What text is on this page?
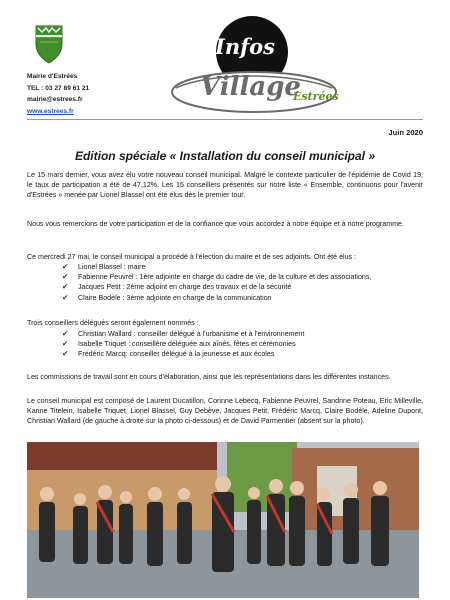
Mairie d'Estrées
TEL : 03 27 89 61 21
mairie@estrees.fr
www.estrees.fr
Infos
Village
Estrées
Juin 2020
Edition spéciale « Installation du conseil municipal »

Le 15 mars dernier, vous avez élu votre nouveau conseil municipal. Malgré le contexte particulier de l'épidémie de Covid 19, le taux de participation a été de 47,12%. Les 15 conseillers présentés sur notre liste « Ensemble, continuons pour l'avenir d'Estrées » menée par Lionel Blassel ont été élus dès le premier tour.

Nous vous remercions de votre participation et de la confiance que vous accordez à notre équipe et à notre programme.

Ce mercredi 27 mai, le conseil municipal a procédé à l'élection du maire et de ses adjoints. Ont été élus :

✔ Lionel Blassel : maire
✔ Fabienne Peuvrel : 1ère adjointe en charge du cadre de vie, de la culture et des associations,
✔ Jacques Petit : 2ème adjoint en charge des travaux et de la sécurité
✔ Claire Bodèle : 3ème adjointe en charge de la communication

Trois conseillers délégués seront également nommés :

✔ Christian Wallard : conseiller délégué à l'urbanisme et à l'environnement
✔ Isabelle Triquet : conseillère déléguée aux aînés, fêtes et cérémonies
✔ Frédéric Marcq: conseiller délégué à la jeunesse et aux écoles

Les commissions de travail sont en cours d'élaboration, ainsi que les représentations dans les différentes instances.

Le conseil municipal est composé de Laurent Ducatillon, Corinne Lebecq, Fabienne Peuvrel, Sandrine Poteau, Eric Milleville, Karine Titelein, Isabelle Triquet, Lionel Blassel, Guy Debève, Jacques Petit, Frédéric Marcq, Claire Bodèle, Adeline Dupont, Christian Wallard (de gauche à droite sur la photo ci-dessous) et de David Parmentier (absent sur la photo).
